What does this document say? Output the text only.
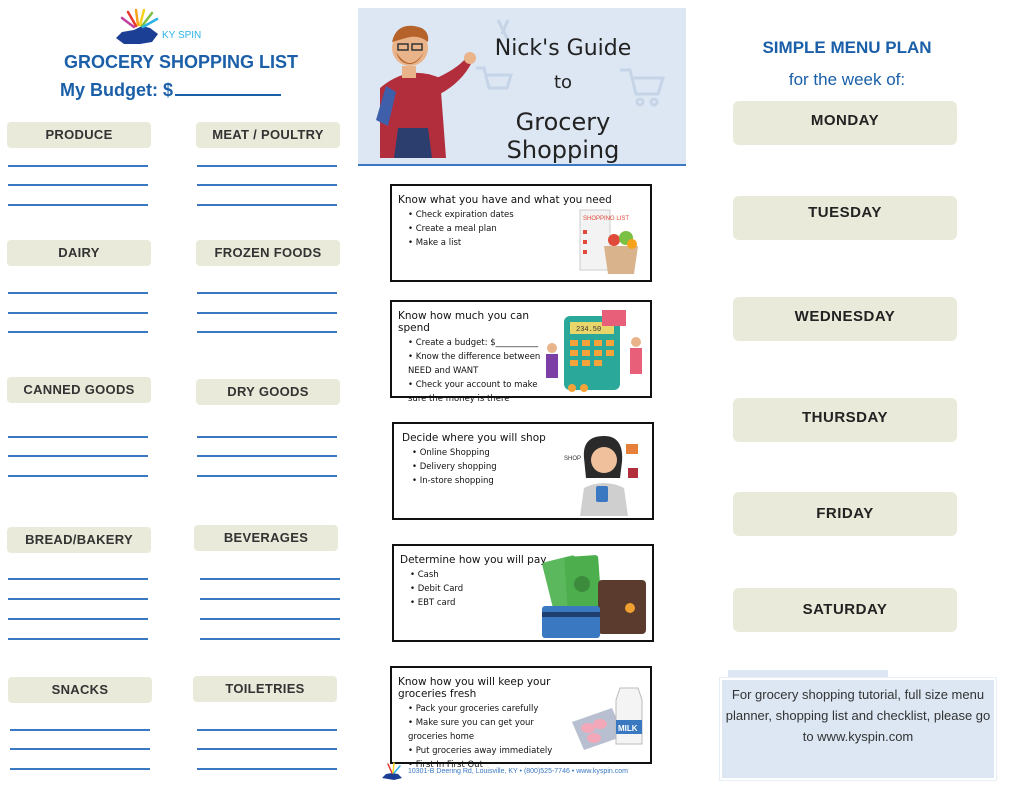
KY SPIN
GROCERY SHOPPING LIST
My Budget: $
PRODUCE	MEAT / POULTRY
DAIRY	FROZEN FOODS
CANNED GOODS	DRY GOODS
BREAD/BAKERY	BEVERAGES
SNACKS	TOILETRIES
Nick's Guide
to
Grocery Shopping
Know what you have and what you need
• Check expiration dates
• Create a meal plan
• Make a list
SHOPPING LIST
Know how much you can spend
• Create a budget: $__________
• Know the difference between NEED and WANT
• Check your account to make sure the money is there
234.50
Decide where you will shop
• Online Shopping
• Delivery shopping
• In-store shopping
SHOP
Determine how you will pay
• Cash
• Debit Card
• EBT card
Know how you will keep your groceries fresh
• Pack your groceries carefully
• Make sure you can get your groceries home
• Put groceries away immediately
• First In First Out
MILK
10301-B Deering Rd, Louisville, KY • (800)525-7746 • www.kyspin.com
SIMPLE MENU PLAN
for the week of:
MONDAY
TUESDAY
WEDNESDAY
THURSDAY
FRIDAY
SATURDAY
For grocery shopping tutorial, full size menu planner, shopping list and checklist, please go to www.kyspin.com
